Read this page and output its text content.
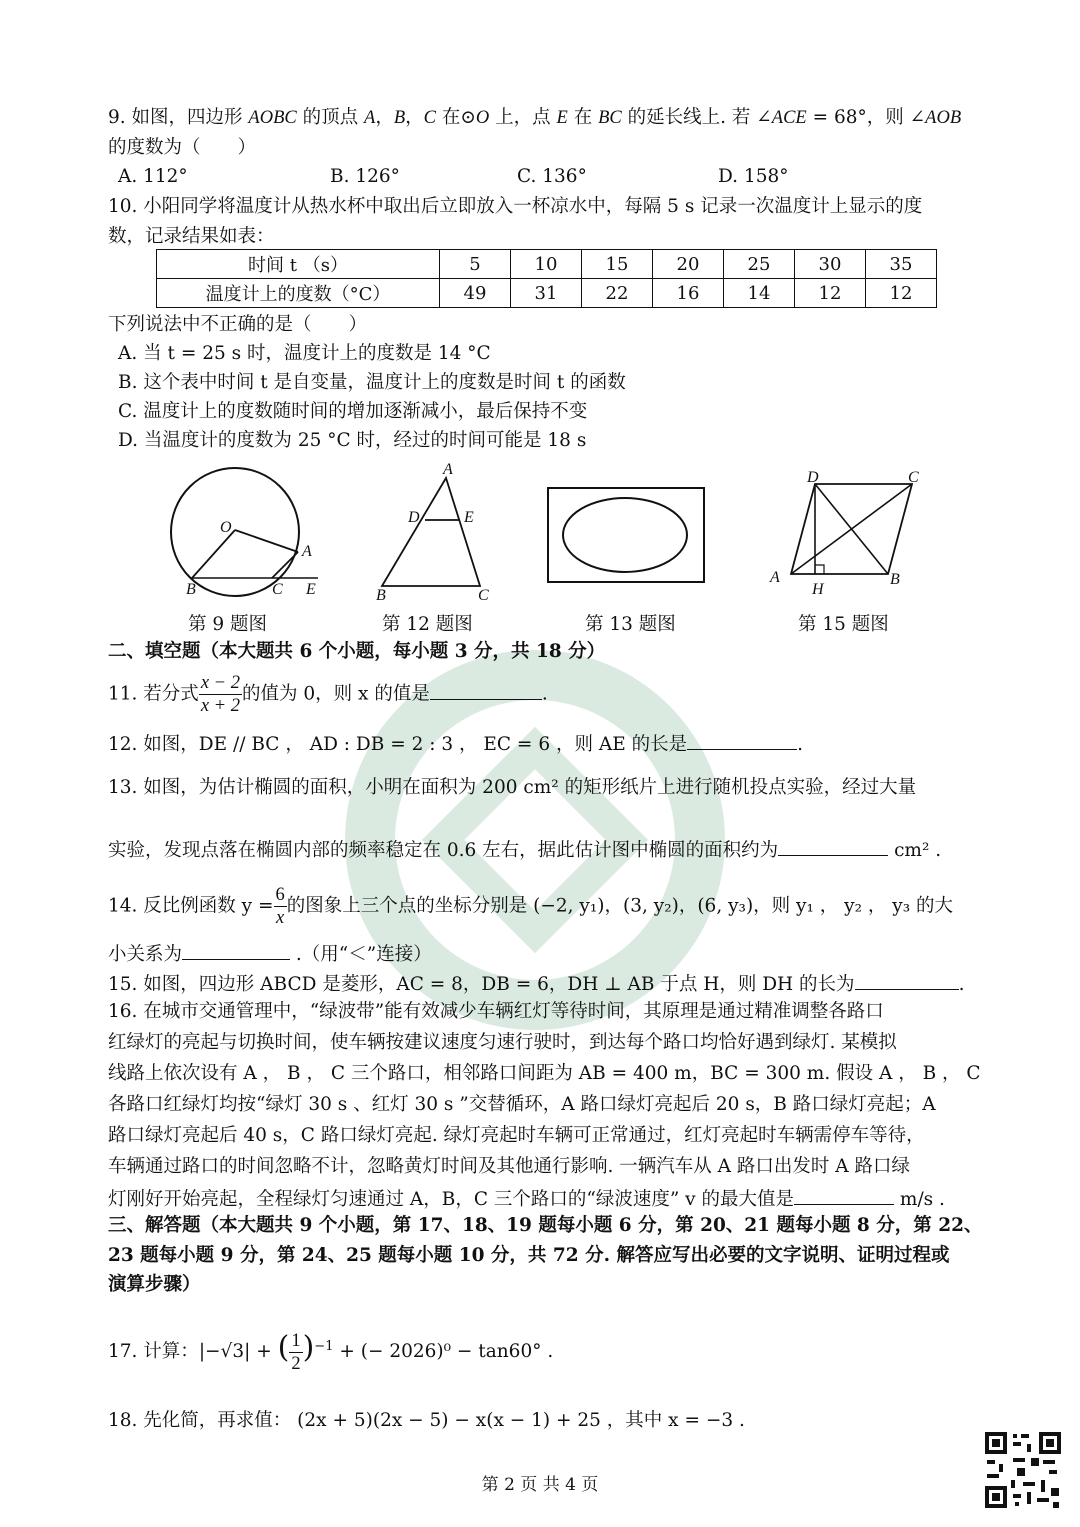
9. 如图，四边形 AOBC 的顶点 A，B，C 在⊙O 上，点 E 在 BC 的延长线上. 若 ∠ACE = 68°，则 ∠AOB
的度数为（　　）
A. 112°	B. 126°	C. 136°	D. 158°
10. 小阳同学将温度计从热水杯中取出后立即放入一杯凉水中，每隔 5 s 记录一次温度计上显示的度
数，记录结果如表：
时间 t （s）	5	10	15	20	25	30	35
温度计上的度数（°C）	49	31	22	16	14	12	12
下列说法中不正确的是（　　）
A. 当 t = 25 s 时，温度计上的度数是 14 °C
B. 这个表中时间 t 是自变量，温度计上的度数是时间 t 的函数
C. 温度计上的度数随时间的增加逐渐减小，最后保持不变
D. 当温度计的度数为 25 °C 时，经过的时间可能是 18 s
O
A
B	C E
A
D	E
B	C
D	C
A
H
B
第 9 题图	第 12 题图	第 13 题图	第 15 题图
二、填空题（本大题共 6 个小题，每小题 3 分，共 18 分）
11. 若分式 $\frac{x - 2}{x + 2}$ 的值为 0，则 x 的值是	.
12. 如图，DE // BC ， AD : DB = 2 : 3 ， EC = 6 ，则 AE 的长是	.
13. 如图，为估计椭圆的面积，小明在面积为 200 cm² 的矩形纸片上进行随机投点实验，经过大量
实验，发现点落在椭圆内部的频率稳定在 0.6 左右，据此估计图中椭圆的面积约为	cm² .
14. 反比例函数 $y = \frac{6}{x}$ 的图象上三个点的坐标分别是 (−2, y₁)，(3, y₂)，(6, y₃)，则 y₁ ， y₂ ， y₃ 的大
小关系为	.（用“＜”连接）
15. 如图，四边形 ABCD 是菱形，AC = 8，DB = 6，DH ⊥ AB 于点 H，则 DH 的长为	.
16. 在城市交通管理中，“绿波带”能有效减少车辆红灯等待时间，其原理是通过精准调整各路口
红绿灯的亮起与切换时间，使车辆按建议速度匀速行驶时，到达每个路口均恰好遇到绿灯. 某模拟
线路上依次设有 A ， B ， C 三个路口，相邻路口间距为 AB = 400 m，BC = 300 m. 假设 A ， B ， C
各路口红绿灯均按“绿灯 30 s 、红灯 30 s ”交替循环，A 路口绿灯亮起后 20 s，B 路口绿灯亮起；A
路口绿灯亮起后 40 s，C 路口绿灯亮起. 绿灯亮起时车辆可正常通过，红灯亮起时车辆需停车等待，
车辆通过路口的时间忽略不计，忽略黄灯时间及其他通行影响. 一辆汽车从 A 路口出发时 A 路口绿
灯刚好开始亮起，全程绿灯匀速通过 A，B，C 三个路口的“绿波速度” v 的最大值是	m/s .
三、解答题（本大题共 9 个小题，第 17、18、19 题每小题 6 分，第 20、21 题每小题 8 分，第 22、
23 题每小题 9 分，第 24、25 题每小题 10 分，共 72 分. 解答应写出必要的文字说明、证明过程或
演算步骤）
17. 计算：|−√3| + ( $\frac{1}{2} )^{-1}$ + (− 2026)⁰ − tan60° .
18. 先化简，再求值： (2x + 5)(2x − 5) − x(x − 1) + 25 ，其中 x = −3 .
第 2 页 共 4 页
